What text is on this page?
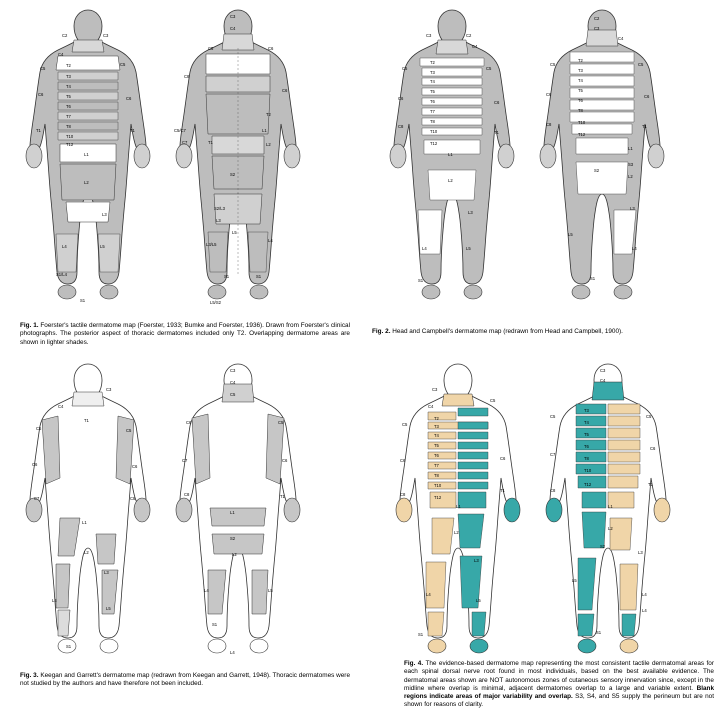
C2	C3
C4
T2
T3
T4
T5
T6
T7
T8
T10
T12
C5
C6
C5
C6
T1
T1
L1
L2
L3
L4	L5
S1/L4
S1
C3
C4
C5	C6
C8
C6
C5/C7
C7	T1
L1
T2
L2
S2
S2/L3
L3
L5
L3/L5
L4
S1	S1
L5/S2
Fig. 1. Foerster's tactile dermatome map (Foerster, 1933; Bumke and Foerster, 1936). Drawn from Foerster's clinical photographs. The posterior aspect of thoracic dermatomes included only T2. Overlapping dermatome areas are shown in lighter shades.
C3	C2
C4
T2
T3
T4
T5
T6
T7
T8
T10
T12
C5
C6
C8
C5
C6
T1
L1
L2
L3
L4	L5
S1
C2
C3
C4
T2
T3
T4
T5
T6
T8
T10
T12
C5
C6
C8
C5
C6
T1
L1
S3
L2
S2
L3
L5
L4
S1
Fig. 2. Head and Campbell's dermatome map (redrawn from Head and Campbell, 1900).
C3
C4
T1
C5	C5
C6	C6
C7	C8
L1
L2
L3
L4
L5
S1
C3
C4
C5
C6	C5
C7	C6
C8	T1
L1
S2
L2
L4	L5
S1
L4
Fig. 3. Keegan and Garrett's dermatome map (redrawn from Keegan and Garrett, 1948). Thoracic dermatomes were not studied by the authors and have therefore not been included.
C3
C4
T2
T3
T4
T5
T6
T7
T8
T10
T12
C5
C5
C6
C8
C6
T1
L1
L2
L3
L4
L5
S1
C3
C4
T3
T4
T5
T6
T8
T10
T12
C5	C5
C6
C7
C8
T1
L1
L2
S2
L3
L5
L4
L4
S1
Fig. 4. The evidence-based dermatome map representing the most consistent tactile dermatomal areas for each spinal dorsal nerve root found in most individuals, based on the best available evidence. The dermatomal areas shown are NOT autonomous zones of cutaneous sensory innervation since, except in the midline where overlap is minimal, adjacent dermatomes overlap to a large and variable extent. Blank regions indicate areas of major variability and overlap. S3, S4, and S5 supply the perineum but are not shown for reasons of clarity.
